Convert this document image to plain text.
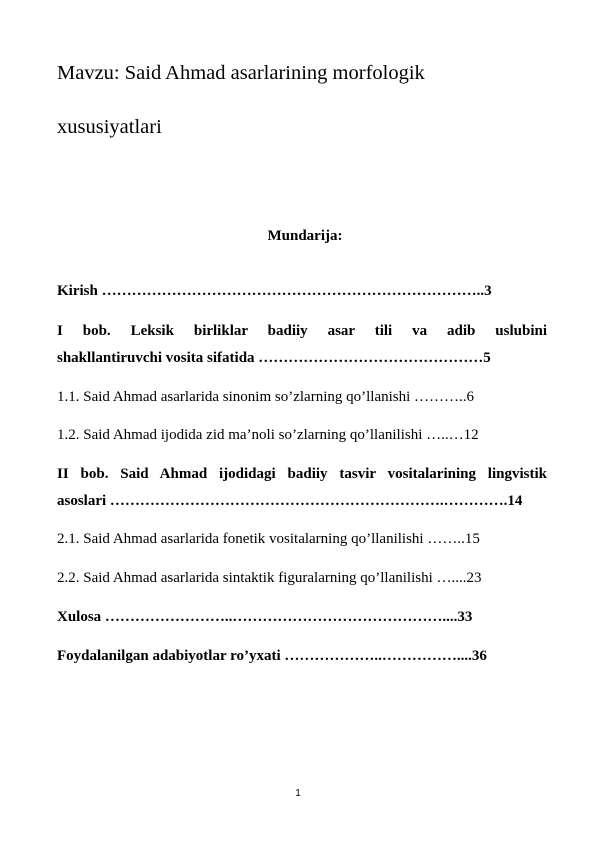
Mavzu: Said Ahmad asarlarining morfologik
xususiyatlari
Mundarija:
Kirish …………………………………………………………………..3
I bob. Leksik birliklar badiiy asar tili va adib uslubini
shakllantiruvchi vosita sifatida ………………………………………5
1.1. Said Ahmad asarlarida sinonim so’zlarning qo’llanishi ………..6
1.2. Said Ahmad ijodida zid ma’noli so’zlarning qo’llanilishi …..…12
II bob. Said Ahmad ijodidagi badiiy tasvir vositalarining lingvistik
asoslari ………………………………………………………….………….14
2.1. Said Ahmad asarlarida fonetik vositalarning qo’llanilishi ……..15
2.2. Said Ahmad asarlarida sintaktik figuralarning qo’llanilishi …....23
Xulosa ……………………..……………………………………....33
Foydalanilgan adabiyotlar ro’yxati ………………..……………....36
1
